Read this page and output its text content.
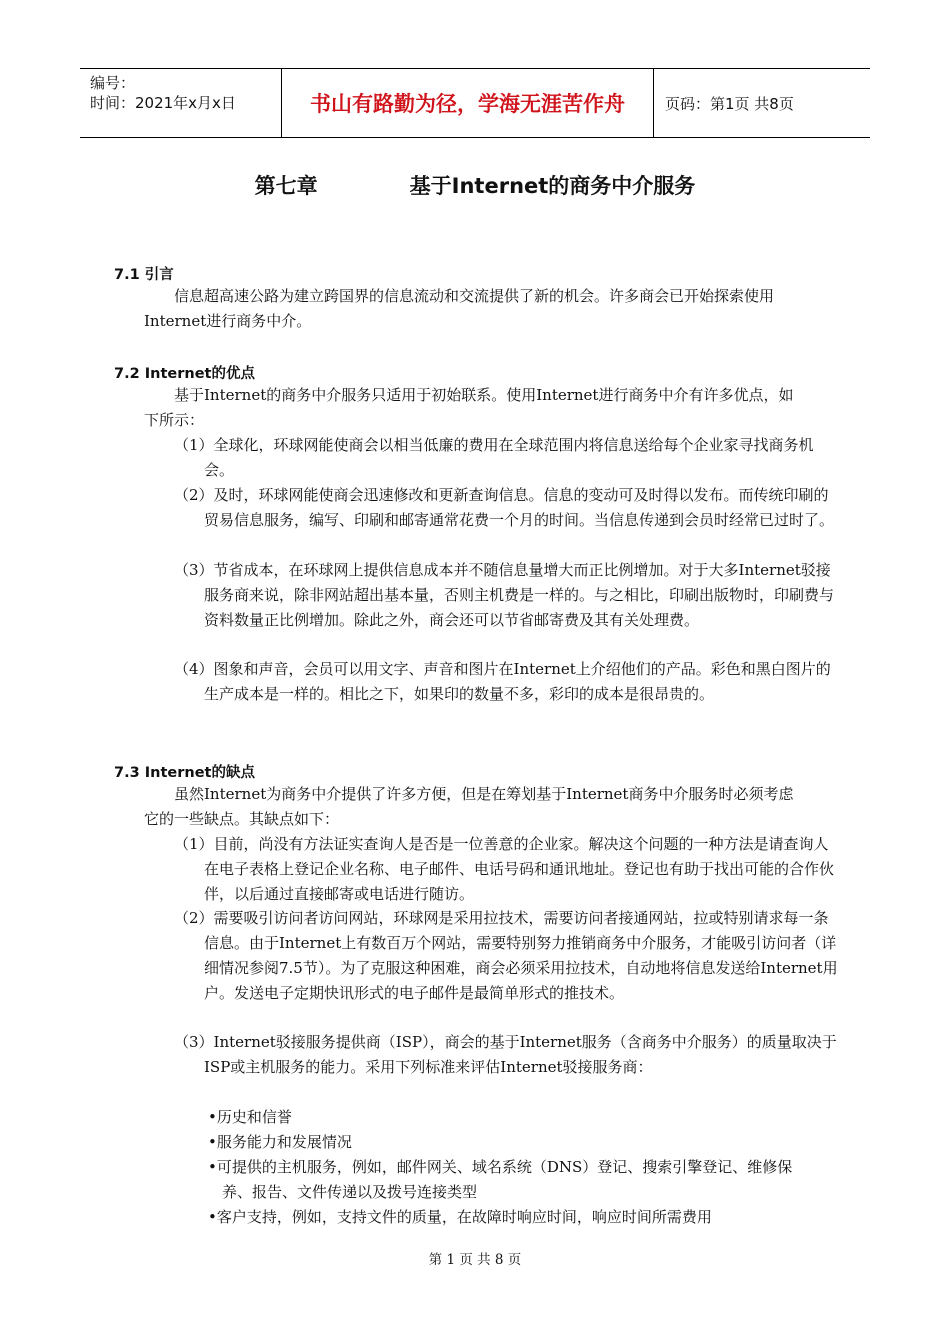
编号：
时间：2021年x月x日	书山有路勤为径，学海无涯苦作舟	页码：第1页 共8页
第七章	基于Internet的商务中介服务
7.1 引言
信息超高速公路为建立跨国界的信息流动和交流提供了新的机会。许多商会已开始探索使用Internet进行商务中介。
7.2 Internet的优点
基于Internet的商务中介服务只适用于初始联系。使用Internet进行商务中介有许多优点，如下所示：
（1）全球化，环球网能使商会以相当低廉的费用在全球范围内将信息送给每个企业家寻找商务机会。
（2）及时，环球网能使商会迅速修改和更新查询信息。信息的变动可及时得以发布。而传统印刷的贸易信息服务，编写、印刷和邮寄通常花费一个月的时间。当信息传递到会员时经常已过时了。
（3）节省成本，在环球网上提供信息成本并不随信息量增大而正比例增加。对于大多Internet驳接服务商来说，除非网站超出基本量，否则主机费是一样的。与之相比，印刷出版物时，印刷费与资料数量正比例增加。除此之外，商会还可以节省邮寄费及其有关处理费。
（4）图象和声音，会员可以用文字、声音和图片在Internet上介绍他们的产品。彩色和黑白图片的生产成本是一样的。相比之下，如果印的数量不多，彩印的成本是很昂贵的。
7.3 Internet的缺点
虽然Internet为商务中介提供了许多方便，但是在筹划基于Internet商务中介服务时必须考虑它的一些缺点。其缺点如下：
（1）目前，尚没有方法证实查询人是否是一位善意的企业家。解决这个问题的一种方法是请查询人在电子表格上登记企业名称、电子邮件、电话号码和通讯地址。登记也有助于找出可能的合作伙伴，以后通过直接邮寄或电话进行随访。
（2）需要吸引访问者访问网站，环球网是采用拉技术，需要访问者接通网站，拉或特别请求每一条信息。由于Internet上有数百万个网站，需要特别努力推销商务中介服务，才能吸引访问者（详细情况参阅7.5节）。为了克服这种困难，商会必须采用拉技术，自动地将信息发送给Internet用户。发送电子定期快讯形式的电子邮件是最简单形式的推技术。
（3）Internet驳接服务提供商（ISP），商会的基于Internet服务（含商务中介服务）的质量取决于ISP或主机服务的能力。采用下列标准来评估Internet驳接服务商：
•历史和信誉
•服务能力和发展情况
•可提供的主机服务，例如，邮件网关、域名系统（DNS）登记、搜索引擎登记、维修保养、报告、文件传递以及拨号连接类型
•客户支持，例如，支持文件的质量，在故障时响应时间，响应时间所需费用
第 1 页 共 8 页
